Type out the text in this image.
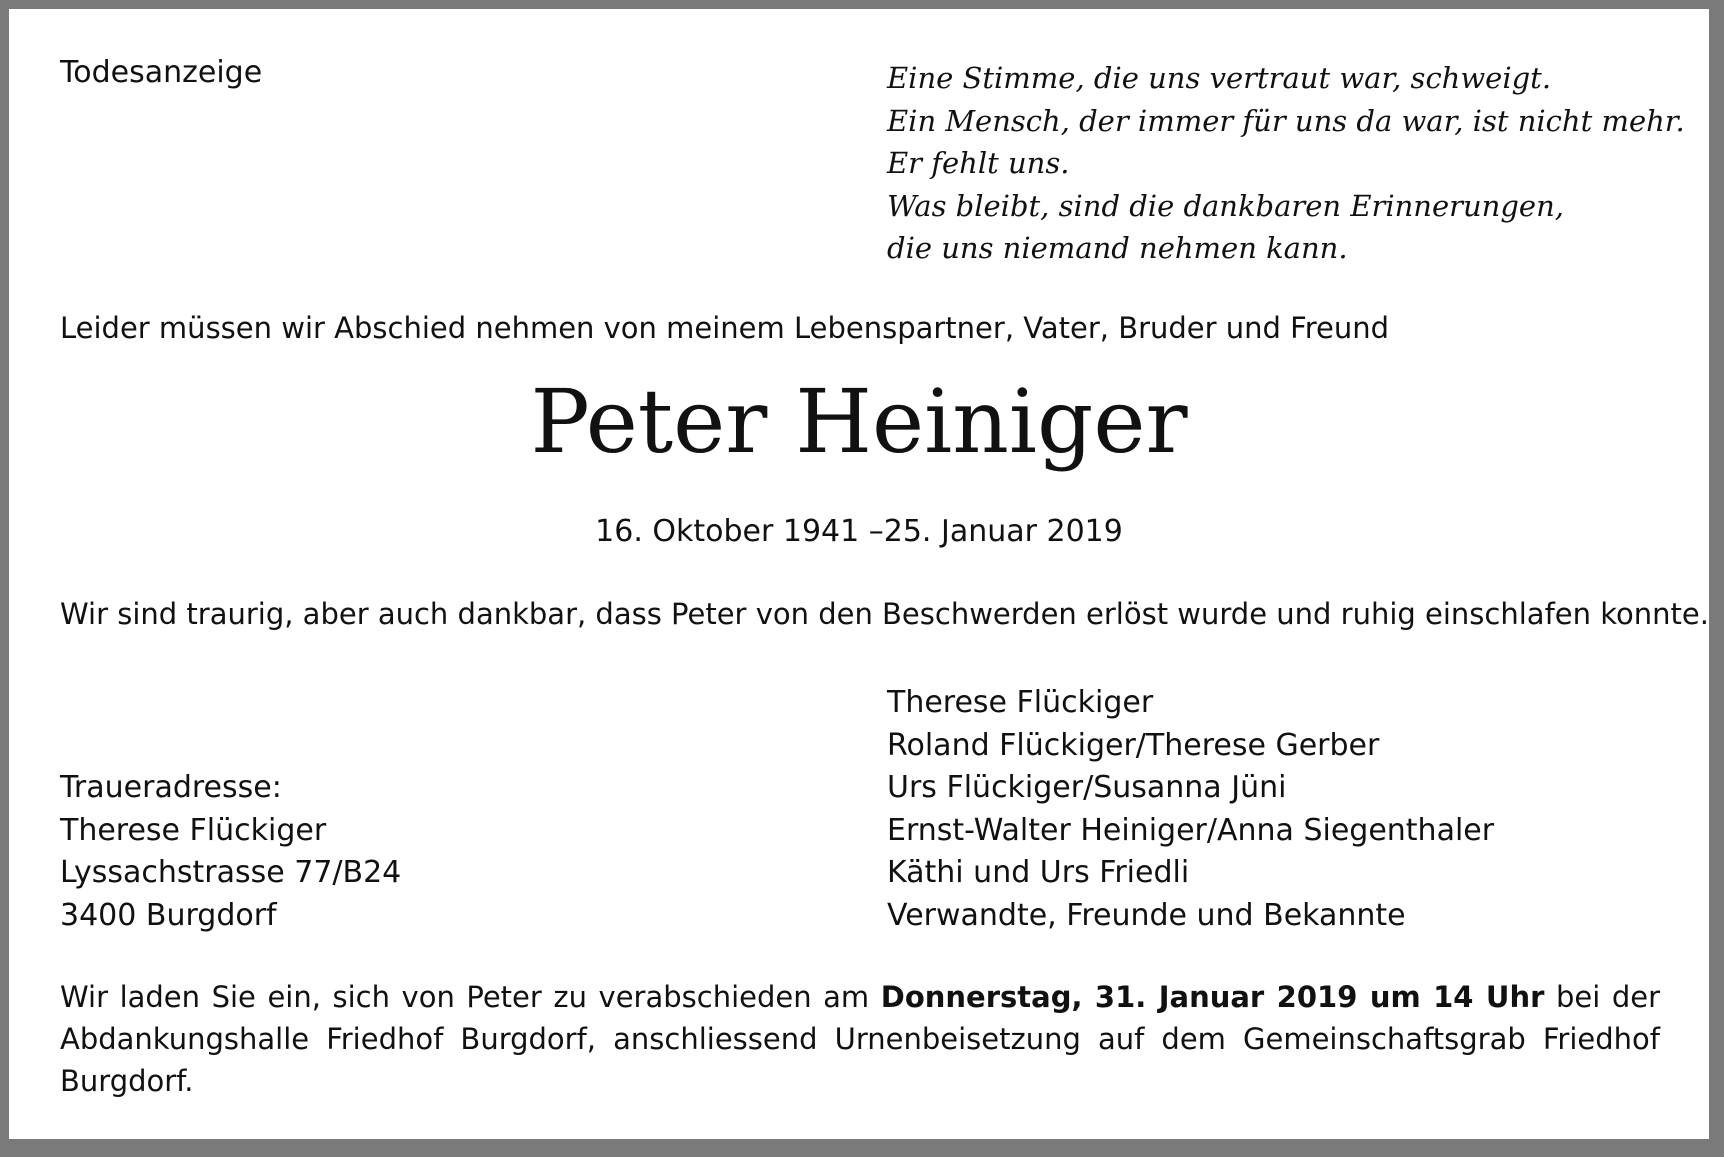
Todesanzeige	Eine Stimme, die uns vertraut war, schweigt.
Ein Mensch, der immer für uns da war, ist nicht mehr.
Er fehlt uns.
Was bleibt, sind die dankbaren Erinnerungen,
die uns niemand nehmen kann.
Leider müssen wir Abschied nehmen von meinem Lebenspartner, Vater, Bruder und Freund
Peter Heiniger
16. Oktober 1941 –25. Januar 2019
Wir sind traurig, aber auch dankbar, dass Peter von den Beschwerden erlöst wurde und ruhig einschlafen konnte.
Therese Flückiger
Roland Flückiger/Therese Gerber
Urs Flückiger/Susanna Jüni
Ernst-Walter Heiniger/Anna Siegenthaler
Käthi und Urs Friedli
Verwandte, Freunde und Bekannte
Traueradresse:
Therese Flückiger
Lyssachstrasse 77/B24
3400 Burgdorf
Wir laden Sie ein, sich von Peter zu verabschieden am Donnerstag, 31. Januar 2019 um 14 Uhr bei der Abdankungshalle Friedhof Burgdorf, anschliessend Urnenbeisetzung auf dem Gemeinschaftsgrab Friedhof Burgdorf.
